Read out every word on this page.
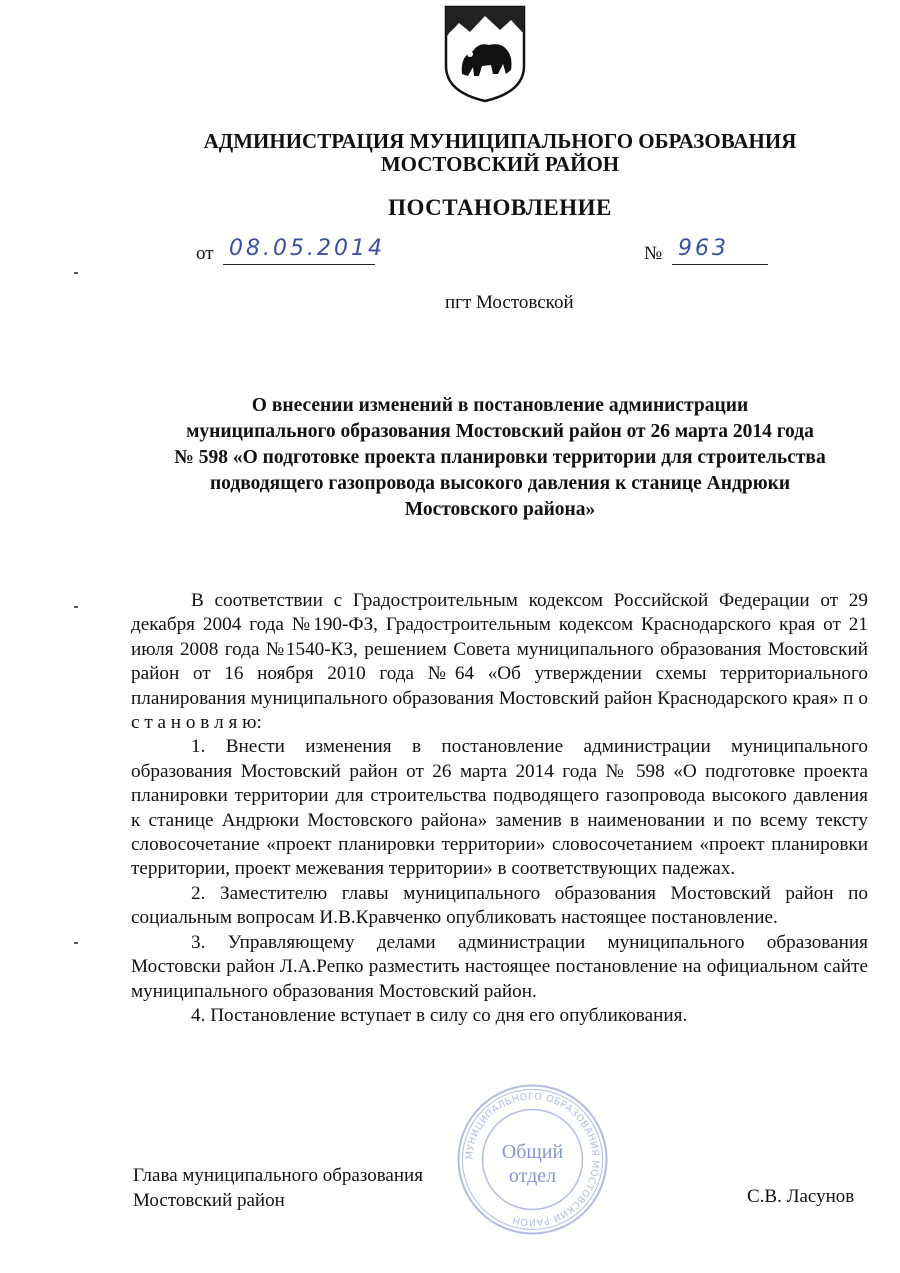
АДМИНИСТРАЦИЯ МУНИЦИПАЛЬНОГО ОБРАЗОВАНИЯ
МОСТОВСКИЙ РАЙОН
ПОСТАНОВЛЕНИЕ
от 08.05.2014	№ 963
пгт Мостовской
О внесении изменений в постановление администрации
муниципального образования Мостовский район от 26 марта 2014 года
№ 598 «О подготовке проекта планировки территории для строительства
подводящего газопровода высокого давления к станице Андрюки
Мостовского района»

В соответствии с Градостроительным кодексом Российской Федерации от 29 декабря 2004 года №190-ФЗ, Градостроительным кодексом Краснодарского края от 21 июля 2008 года №1540-КЗ, решением Совета муниципального образования Мостовский район от 16 ноября 2010 года №64 «Об утверждении схемы территориального планирования муниципального образования Мостовский район Краснодарского края» п о с т а н о в л я ю:

1. Внести изменения в постановление администрации муниципального образования Мостовский район от 26 марта 2014 года № 598 «О подготовке проекта планировки территории для строительства подводящего газопровода высокого давления к станице Андрюки Мостовского района» заменив в наименовании и по всему тексту словосочетание «проект планировки территории» словосочетанием «проект планировки территории, проект межевания территории» в соответствующих падежах.

2. Заместителю главы муниципального образования Мостовский район по социальным вопросам И.В.Кравченко опубликовать настоящее постановление.

3. Управляющему делами администрации муниципального образования Мостовски район Л.А.Репко разместить настоящее постановление на официальном сайте муниципального образования Мостовский район.

4. Постановление вступает в силу со дня его опубликования.

МУНИЦИПАЛЬНОГО ОБРАЗОВАНИЯ МОСТОВСКИЙ РАЙОН
Общий
отдел
Глава муниципального образования
Мостовский район	С.В. Ласунов
